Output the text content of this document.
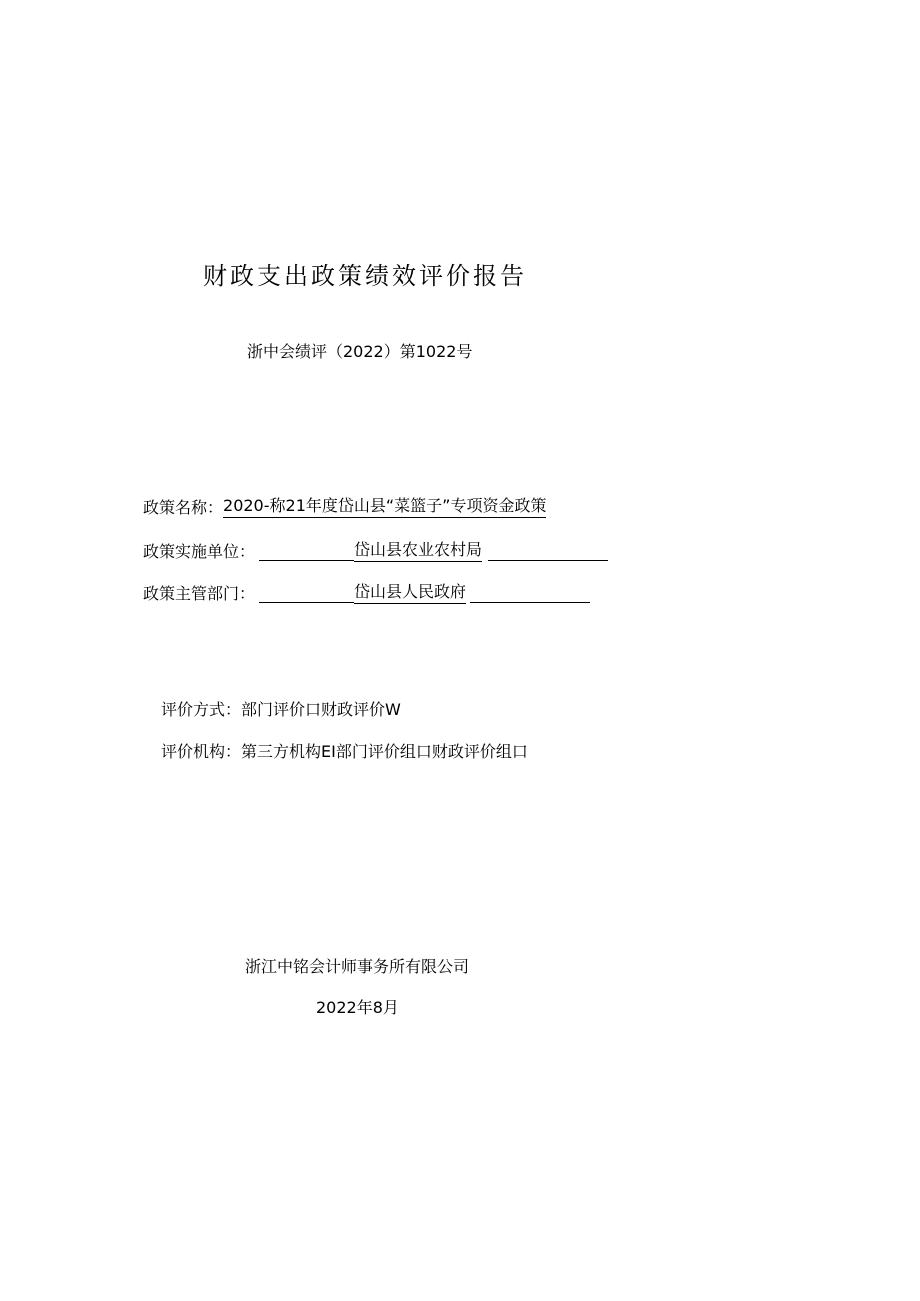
财政支出政策绩效评价报告
浙中会绩评（2022）第1022号
政策名称： 2020-称21年度岱山县“菜篮子”专项资金政策
政策实施单位：	岱山县农业农村局
政策主管部门：	岱山县人民政府
评价方式：部门评价口财政评价W
评价机构：第三方机构EI部门评价组口财政评价组口
浙江中铭会计师事务所有限公司
2022年8月
